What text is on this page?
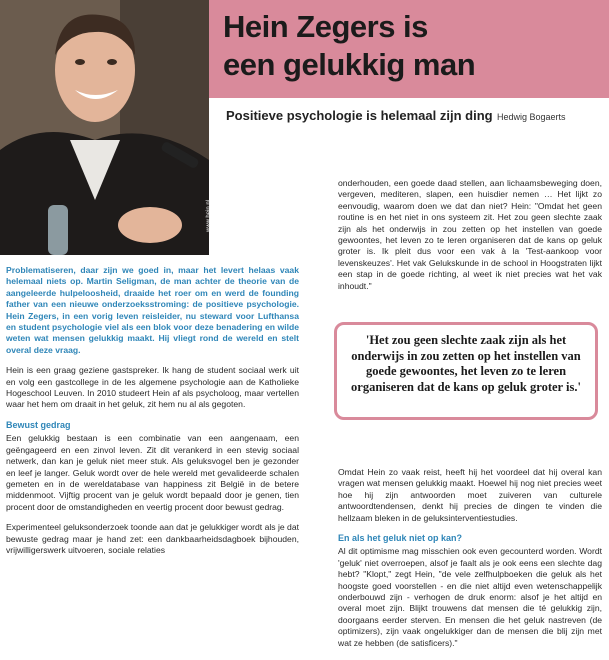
www.hein.nl
Hein Zegers is
een gelukkig man
Positieve psychologie is helemaal zijn ding Hedwig Bogaerts

Problematiseren, daar zijn we goed in, maar het levert helaas vaak helemaal niets op. Martin Seligman, de man achter de theorie van de aangeleerde hulpeloosheid, draaide het roer om en werd de founding father van een nieuwe onderzoeksstroming: de positieve psychologie. Hein Zegers, in een vorig leven reisleider, nu steward voor Lufthansa en student psychologie viel als een blok voor deze benadering en wilde weten wat mensen gelukkig maakt. Hij vliegt rond de wereld en stelt overal deze vraag.

Hein is een graag geziene gastspreker. Ik hang de student sociaal werk uit en volg een gastcollege in de les algemene psychologie aan de Katholieke Hogeschool Leuven. In 2010 studeert Hein af als psycholoog, maar vertellen waar het hem om draait in het geluk, zit hem nu al als gegoten.

Bewust gedrag

Een gelukkig bestaan is een combinatie van een aangenaam, een geëngageerd en een zinvol leven. Zit dit verankerd in een stevig sociaal netwerk, dan kan je geluk niet meer stuk. Als geluksvogel ben je gezonder en leef je langer. Geluk wordt over de hele wereld met gevalideerde schalen gemeten en in de wereldatabase van happiness zit België in de betere middenmoot. Vijftig procent van je geluk wordt bepaald door je genen, tien procent door de omstandigheden en veertig procent door bewust gedrag.

Experimenteel geluksonderzoek toonde aan dat je gelukkiger wordt als je dat bewuste gedrag maar je hand zet: een dankbaarheidsdagboek bijhouden, vrijwilligerswerk uitvoeren, sociale relaties

onderhouden, een goede daad stellen, aan lichaamsbeweging doen, vergeven, mediteren, slapen, een huisdier nemen … Het lijkt zo eenvoudig, waarom doen we dat dan niet? Hein: "Omdat het geen routine is en het niet in ons systeem zit. Het zou geen slechte zaak zijn als het onderwijs in zou zetten op het instellen van goede gewoontes, het leven zo te leren organiseren dat de kans op geluk groter is. Ik pleit dus voor een vak à la 'Test-aankoop voor levenskeuzes'. Het vak Gelukskunde in de school in Hoogstraten lijkt een stap in de goede richting, al weet ik niet precies wat het vak inhoudt."

'Het zou geen slechte zaak zijn als het onderwijs in zou zetten op het instellen van goede gewoontes, het leven zo te leren organiseren dat de kans op geluk groter is.'

Omdat Hein zo vaak reist, heeft hij het voordeel dat hij overal kan vragen wat mensen gelukkig maakt. Hoewel hij nog niet precies weet hoe hij zijn antwoorden moet zuiveren van culturele antwoordtendensen, denkt hij precies de dingen te vinden die hellzaam bleken in de geluksinterventiestudies.

En als het geluk niet op kan?

Al dit optimisme mag misschien ook even gecounterd worden. Wordt 'geluk' niet overroepen, alsof je faalt als je ook eens een slechte dag hebt? "Klopt," zegt Hein, "de vele zelfhulpboeken die geluk als het hoogste goed voorstellen - en die niet altijd even wetenschappelijk onderbouwd zijn - verhogen de druk enorm: alsof je het altijd en overal moet zijn. Blijkt trouwens dat mensen die té gelukkig zijn, doorgaans eerder sterven. En mensen die het geluk nastreven (de optimizers), zijn vaak ongelukkiger dan de mensen die blij zijn met wat ze hebben (de satisficers)."
